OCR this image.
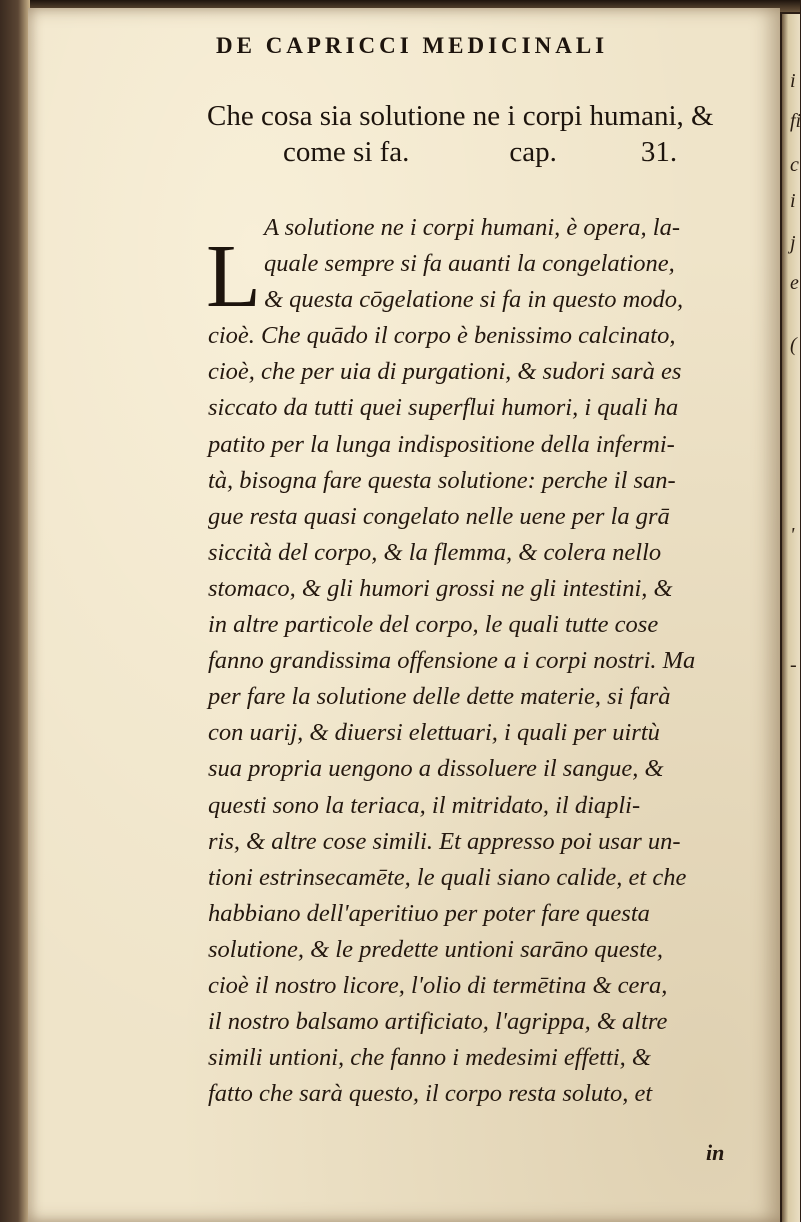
i
fi
c
i
j
e
(
'
-
DE CAPRICCI MEDICINALI
Che cosa sia solutione ne i corpi humani, &
come si fa.	cap.	31.
L A solutione ne i corpi humani, è opera, la-
quale sempre si fa auanti la congelatione,
& questa cōgelatione si fa in questo modo,
cioè. Che quādo il corpo è benissimo calcinato,
cioè, che per uia di purgationi, & sudori sarà es
siccato da tutti quei superflui humori, i quali ha
patito per la lunga indispositione della infermi-
tà, bisogna fare questa solutione: perche il san-
gue resta quasi congelato nelle uene per la grā
siccità del corpo, & la flemma, & colera nello
stomaco, & gli humori grossi ne gli intestini, &
in altre particole del corpo, le quali tutte cose
fanno grandissima offensione a i corpi nostri. Ma
per fare la solutione delle dette materie, si farà
con uarij, & diuersi elettuari, i quali per uirtù
sua propria uengono a dissoluere il sangue, &
questi sono la teriaca, il mitridato, il diapli-
ris, & altre cose simili. Et appresso poi usar un-
tioni estrinsecamēte, le quali siano calide, et che
habbiano dell'aperitiuo per poter fare questa
solutione, & le predette untioni sarāno queste,
cioè il nostro licore, l'olio di termētina & cera,
il nostro balsamo artificiato, l'agrippa, & altre
simili untioni, che fanno i medesimi effetti, &
fatto che sarà questo, il corpo resta soluto, et
in
